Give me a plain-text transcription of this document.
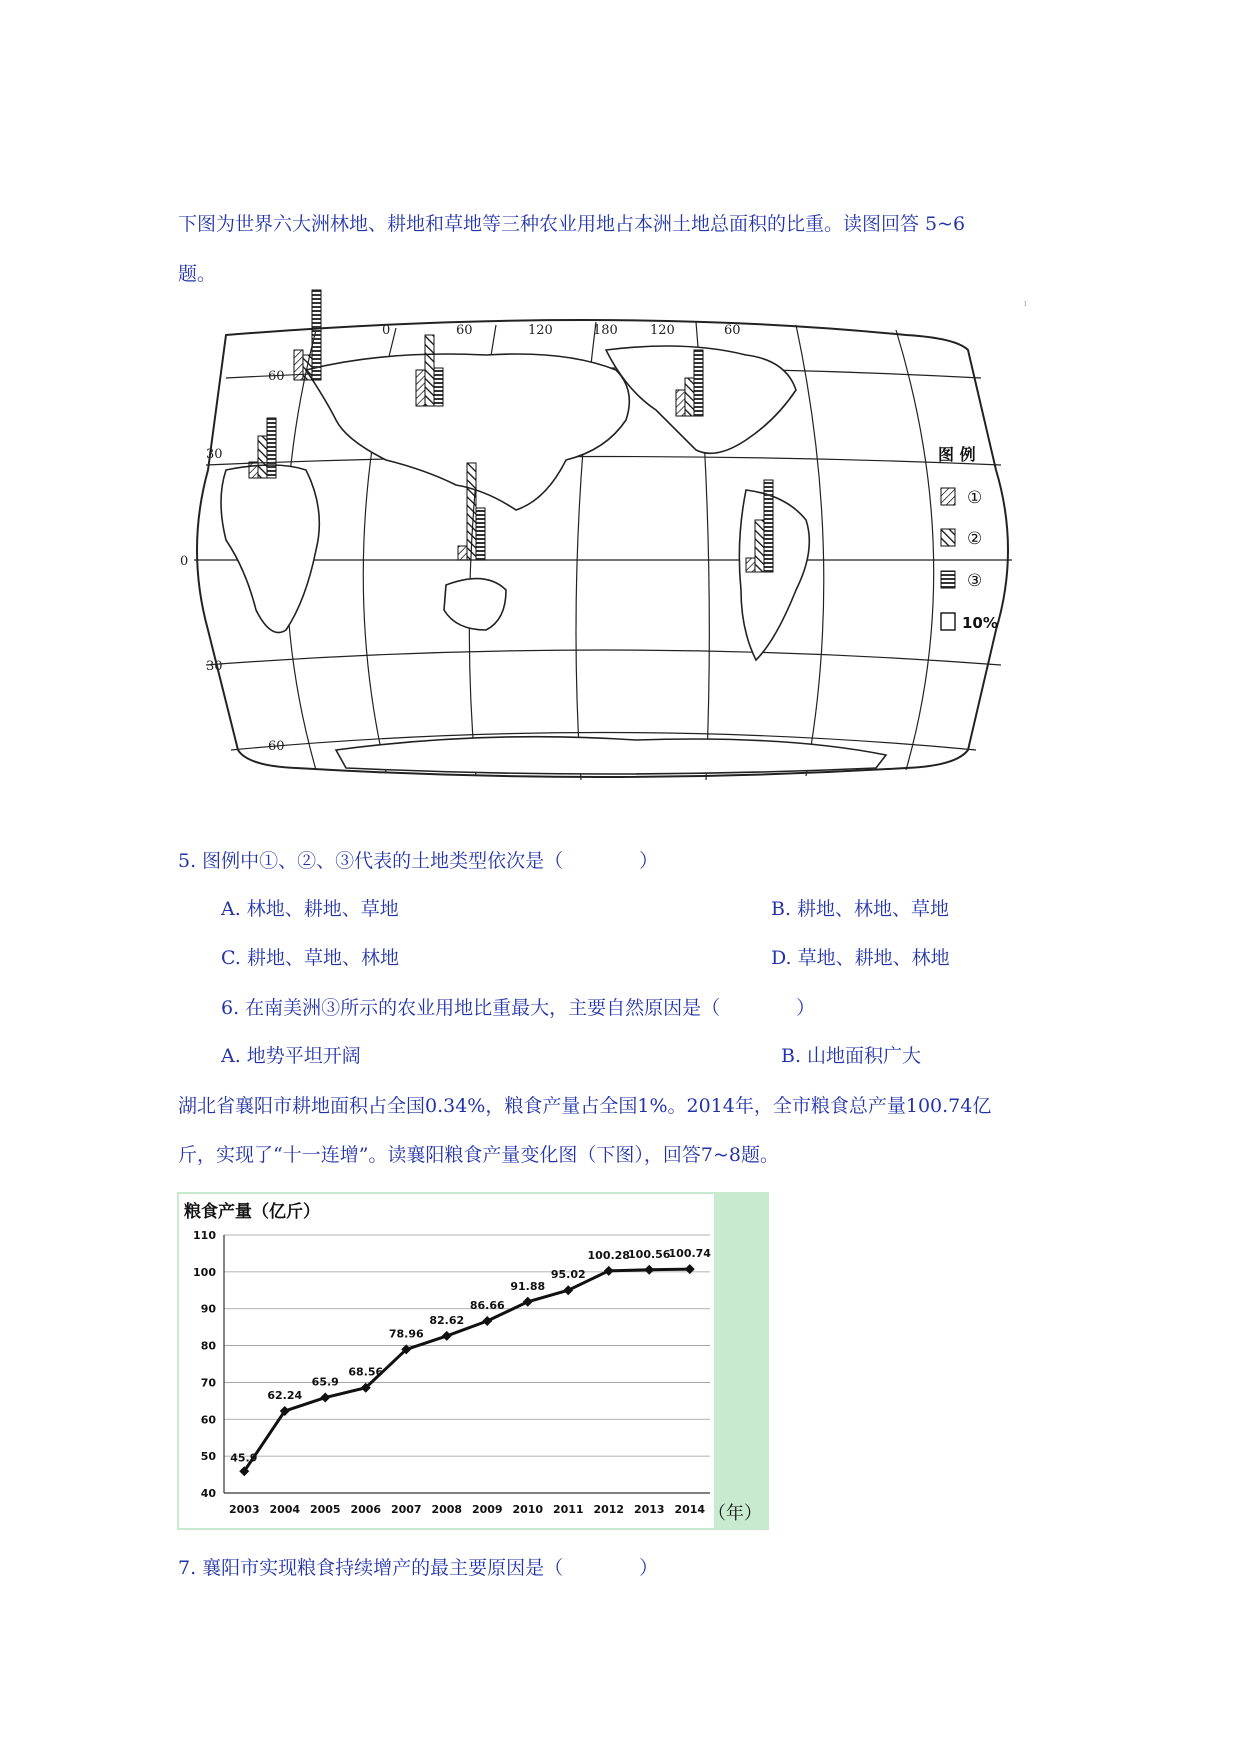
下图为世界六大洲林地、耕地和草地等三种农业用地占本洲土地总面积的比重。读图回答 5~6
题。
ˡ
0	60	120	180 120	60
60
30
0
30
60
图 例
①
②
③
10%
5. 图例中①、②、③代表的土地类型依次是（　　　　）
A. 林地、耕地、草地	B. 耕地、林地、草地
C. 耕地、草地、林地	D. 草地、耕地、林地
6. 在南美洲③所示的农业用地比重最大，主要自然原因是（　　　　）
A. 地势平坦开阔	B. 山地面积广大
湖北省襄阳市耕地面积占全国0.34%，粮食产量占全国1%。2014年，全市粮食总产量100.74亿
斤，实现了“十一连增”。读襄阳粮食产量变化图（下图），回答7~8题。
粮食产量（亿斤）
40
50
60
70
80
90
100
110
2003 2004 2005 2006 2007 2008 2009 2010 2011 2012 2013 2014
45.9
62.24
65.9
68.56
78.96
82.62
86.66
91.88
95.02
100.28
100.56
100.74
（年）
7. 襄阳市实现粮食持续增产的最主要原因是（　　　　）
